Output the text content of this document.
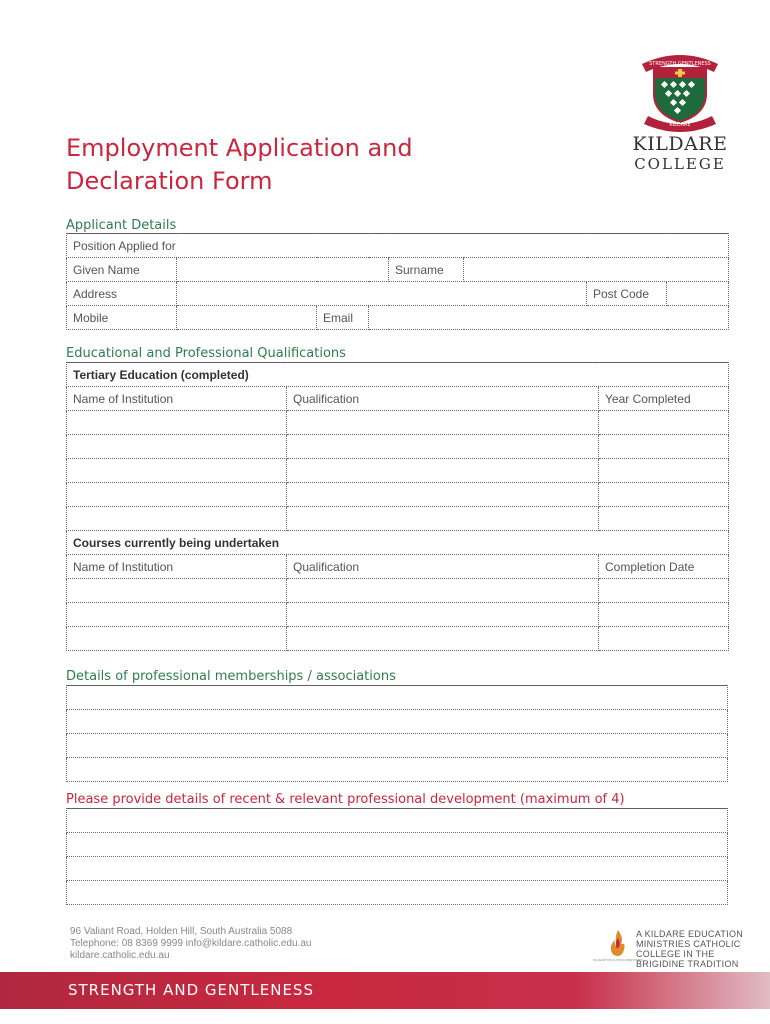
STRENGTH GENTLENESS
KILDARE
KILDARE
COLLEGE
Employment Application and
Declaration Form
Applicant Details
Position Applied for							
Given Name				Surname			
Address						Post Code	
Mobile		Email					
Educational and Professional Qualifications
Tertiary Education (completed)		
Name of Institution	Qualification	Year Completed

Courses currently being undertaken		
Name of Institution	Qualification	Completion Date

Details of professional memberships / associations

Please provide details of recent & relevant professional development (maximum of 4)

96 Valiant Road, Holden Hill, South Australia 5088
Telephone: 08 8369 9999 info@kildare.catholic.edu.au
kildare.catholic.edu.au	KILDARE EDUCATION MINISTRIES
A KILDARE EDUCATION
MINISTRIES CATHOLIC
COLLEGE IN THE
BRIGIDINE TRADITION
STRENGTH AND GENTLENESS
